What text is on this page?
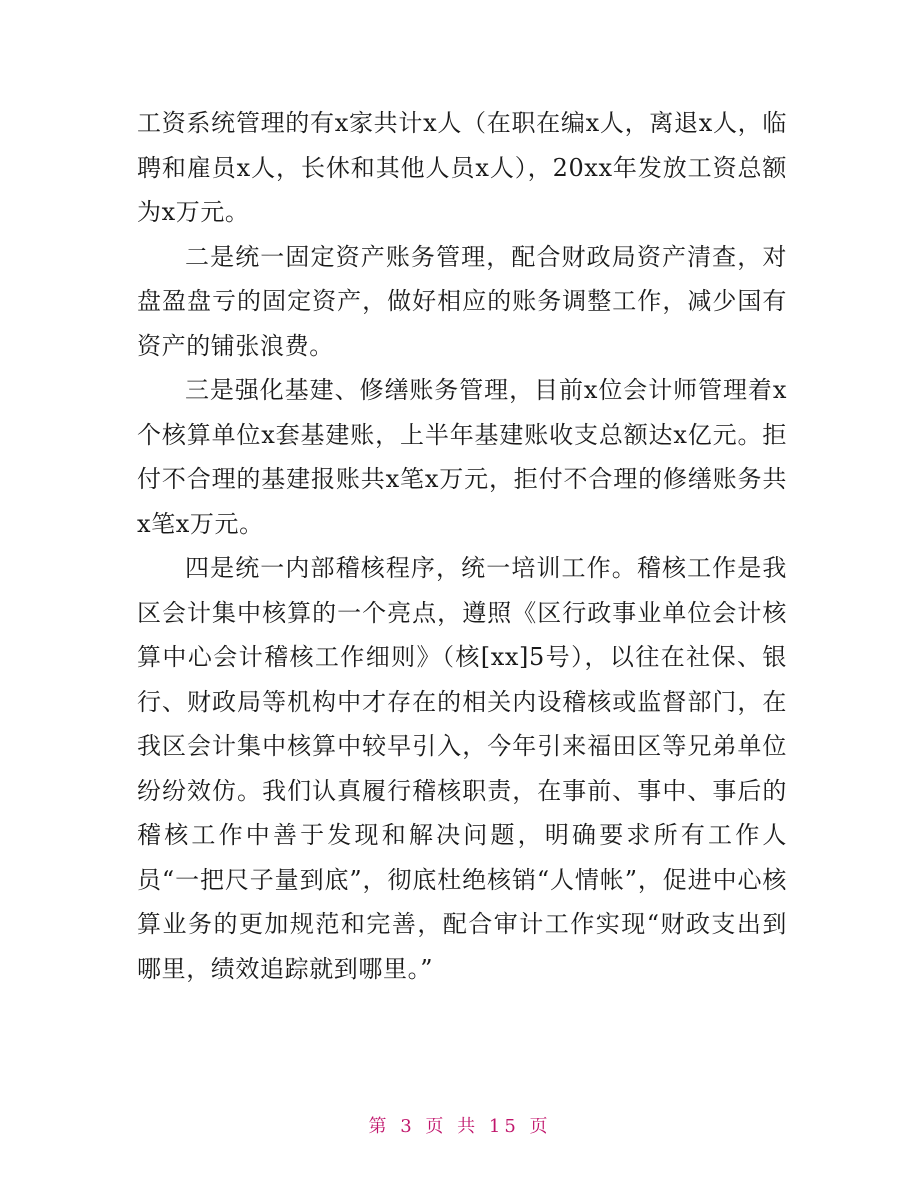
工资系统管理的有x家共计x人（在职在编x人，离退x人，临聘和雇员x人，长休和其他人员x人），20xx年发放工资总额为x万元。

二是统一固定资产账务管理，配合财政局资产清查，对盘盈盘亏的固定资产，做好相应的账务调整工作，减少国有资产的铺张浪费。

三是强化基建、修缮账务管理，目前x位会计师管理着x个核算单位x套基建账，上半年基建账收支总额达x亿元。拒付不合理的基建报账共x笔x万元，拒付不合理的修缮账务共x笔x万元。

四是统一内部稽核程序，统一培训工作。稽核工作是我区会计集中核算的一个亮点，遵照《区行政事业单位会计核算中心会计稽核工作细则》（核[xx]5号），以往在社保、银行、财政局等机构中才存在的相关内设稽核或监督部门，在我区会计集中核算中较早引入，今年引来福田区等兄弟单位纷纷效仿。我们认真履行稽核职责，在事前、事中、事后的稽核工作中善于发现和解决问题，明确要求所有工作人员“一把尺子量到底”，彻底杜绝核销“人情帐”，促进中心核算业务的更加规范和完善，配合审计工作实现“财政支出到哪里，绩效追踪就到哪里。”

第 3 页 共 15 页
